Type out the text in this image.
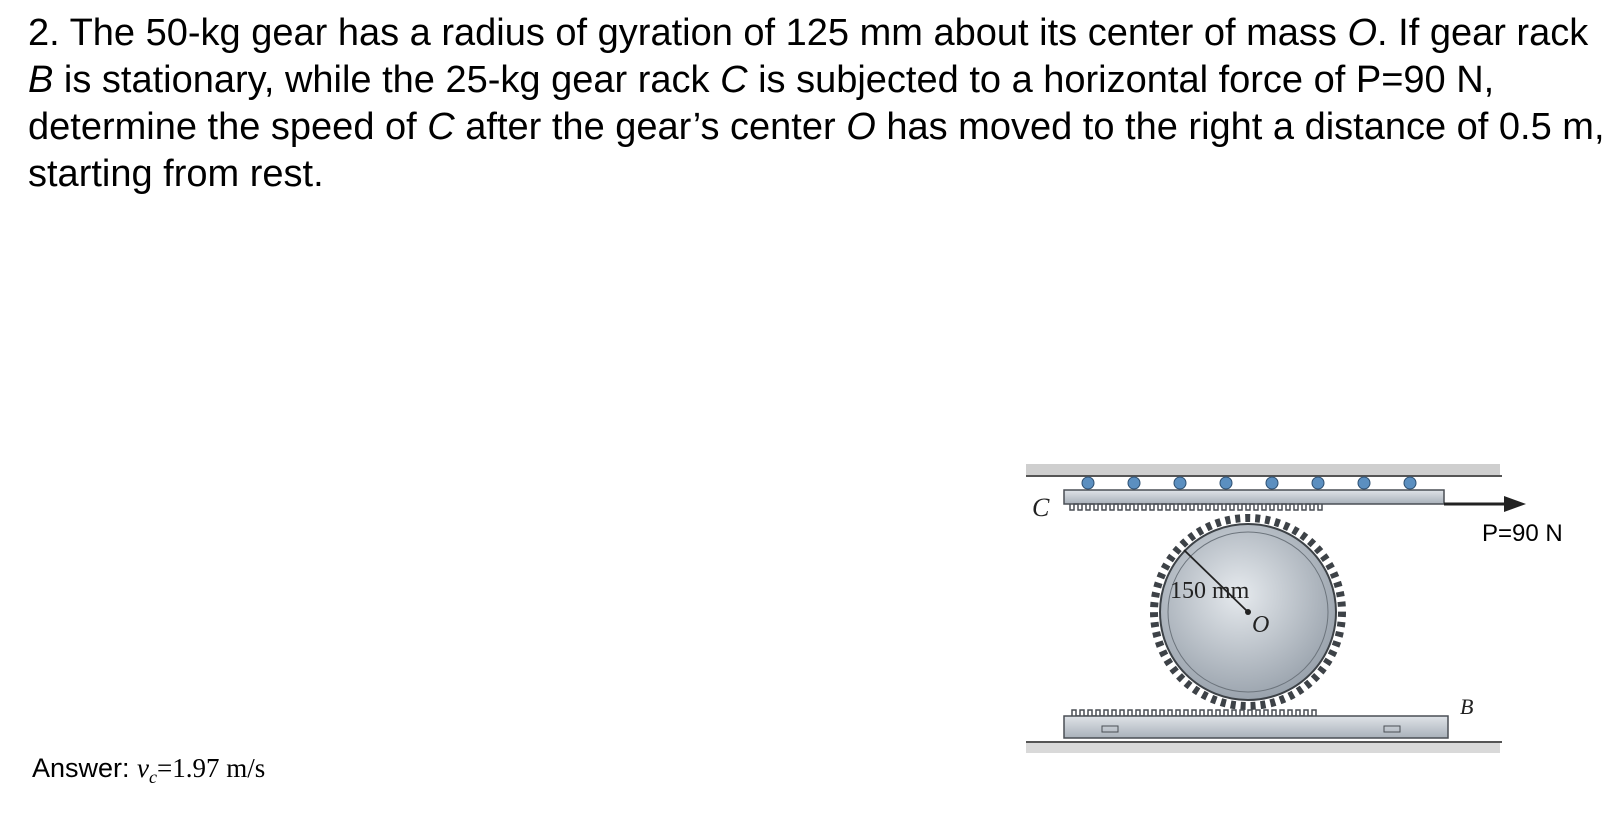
2. The 50-kg gear has a radius of gyration of 125 mm about its center of mass O. If gear rack B is stationary, while the 25-kg gear rack C is subjected to a horizontal force of P=90 N, determine the speed of C after the gear’s center O has moved to the right a distance of 0.5 m, starting from rest.

Answer: $v_c=1.97$ m/s
150 mm
O
C
B
P=90 N
